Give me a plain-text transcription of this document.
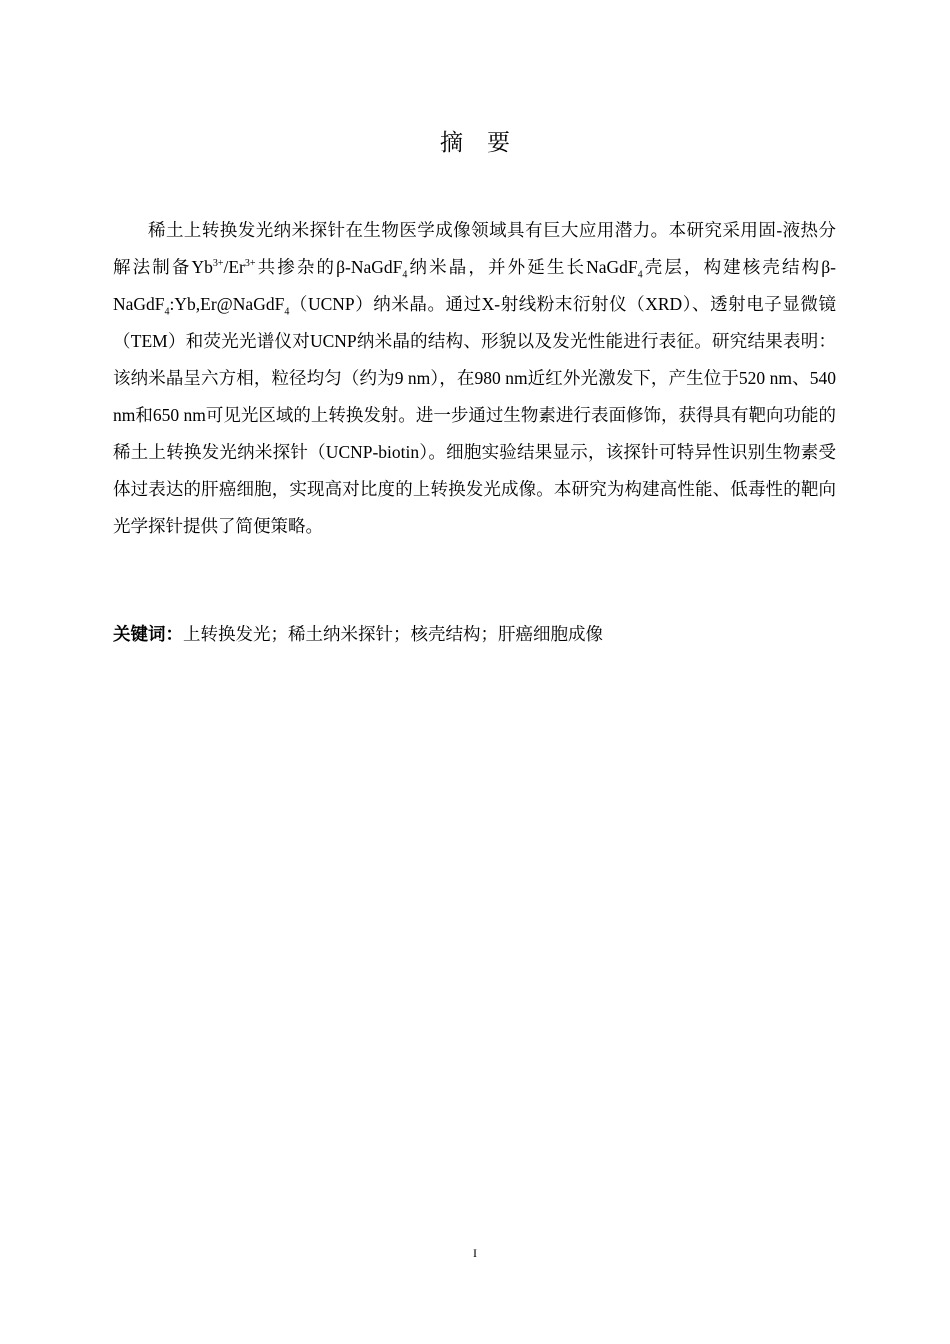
摘 要
稀土上转换发光纳米探针在生物医学成像领域具有巨大应用潜力。本研究采用固-液热分解法制备$Yb^{3+}/Er^{3+}$共掺杂的β-NaGdF$_4$纳米晶，并外延生长NaGdF$_4$壳层，构建核壳结构β-NaGdF$_4$:Yb,Er@NaGdF$_4$（UCNP）纳米晶。通过X-射线粉末衍射仪（XRD）、透射电子显微镜（TEM）和荧光光谱仪对UCNP纳米晶的结构、形貌以及发光性能进行表征。研究结果表明：该纳米晶呈六方相，粒径均匀（约为9 nm），在980 nm近红外光激发下，产生位于520 nm、540 nm和650 nm可见光区域的上转换发射。进一步通过生物素进行表面修饰，获得具有靶向功能的稀土上转换发光纳米探针（UCNP-biotin）。细胞实验结果显示，该探针可特异性识别生物素受体过表达的肝癌细胞，实现高对比度的上转换发光成像。本研究为构建高性能、低毒性的靶向光学探针提供了简便策略。
关键词：上转换发光；稀土纳米探针；核壳结构；肝癌细胞成像
I
